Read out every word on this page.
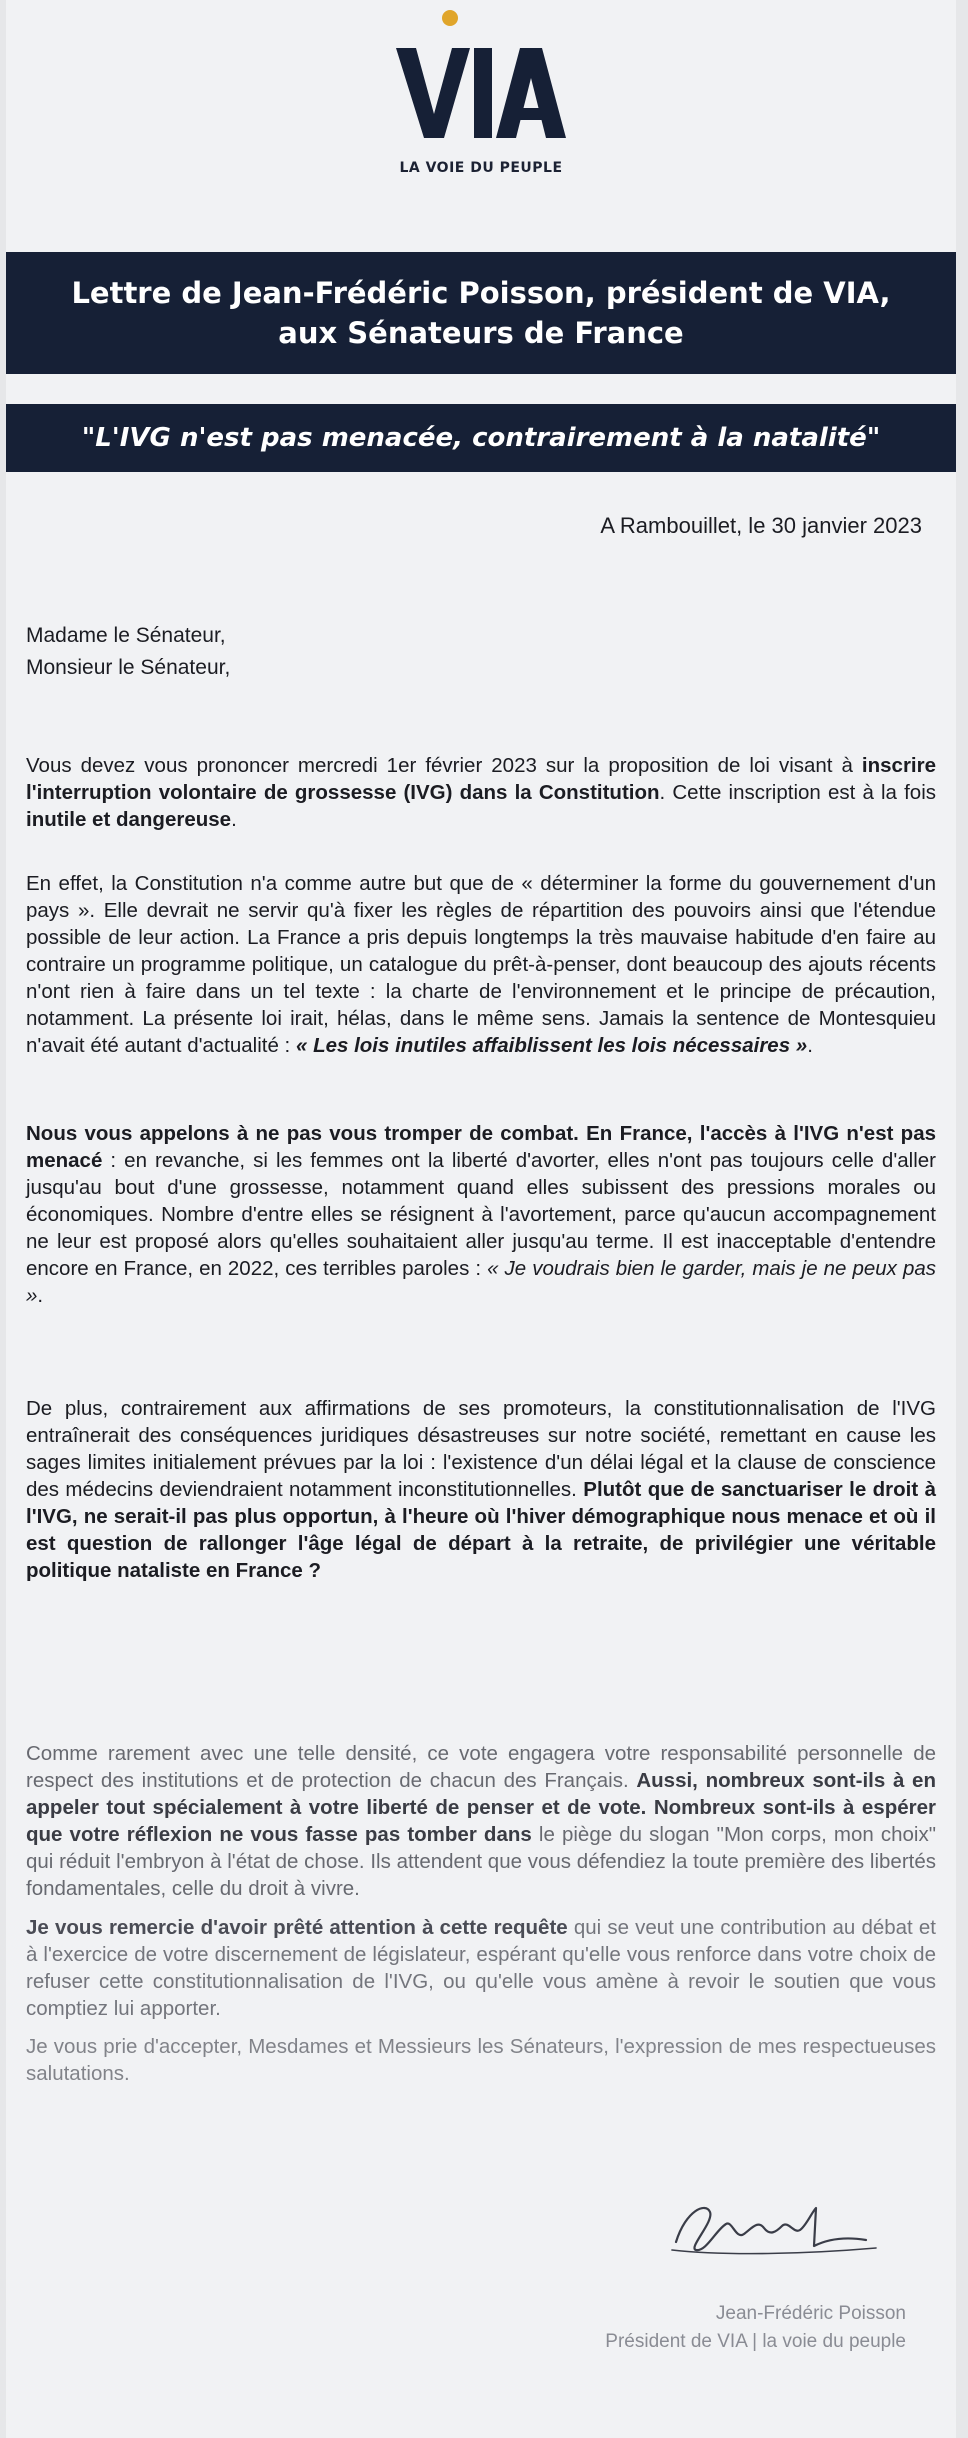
LA VOIE DU PEUPLE
Lettre de Jean-Frédéric Poisson, président de VIA,
aux Sénateurs de France
"L'IVG n'est pas menacée, contrairement à la natalité"
A Rambouillet, le 30 janvier 2023
Madame le Sénateur,
Monsieur le Sénateur,

Vous devez vous prononcer mercredi 1er février 2023 sur la proposition de loi visant à inscrire l'interruption volontaire de grossesse (IVG) dans la Constitution. Cette inscription est à la fois inutile et dangereuse.

En effet, la Constitution n'a comme autre but que de « déterminer la forme du gouvernement d'un pays ». Elle devrait ne servir qu'à fixer les règles de répartition des pouvoirs ainsi que l'étendue possible de leur action. La France a pris depuis longtemps la très mauvaise habitude d'en faire au contraire un programme politique, un catalogue du prêt-à-penser, dont beaucoup des ajouts récents n'ont rien à faire dans un tel texte : la charte de l'environnement et le principe de précaution, notamment. La présente loi irait, hélas, dans le même sens. Jamais la sentence de Montesquieu n'avait été autant d'actualité : « Les lois inutiles affaiblissent les lois nécessaires ».

Nous vous appelons à ne pas vous tromper de combat. En France, l'accès à l'IVG n'est pas menacé : en revanche, si les femmes ont la liberté d'avorter, elles n'ont pas toujours celle d'aller jusqu'au bout d'une grossesse, notamment quand elles subissent des pressions morales ou économiques. Nombre d'entre elles se résignent à l'avortement, parce qu'aucun accompagnement ne leur est proposé alors qu'elles souhaitaient aller jusqu'au terme. Il est inacceptable d'entendre encore en France, en 2022, ces terribles paroles : « Je voudrais bien le garder, mais je ne peux pas ».

De plus, contrairement aux affirmations de ses promoteurs, la constitutionnalisation de l'IVG entraînerait des conséquences juridiques désastreuses sur notre société, remettant en cause les sages limites initialement prévues par la loi : l'existence d'un délai légal et la clause de conscience des médecins deviendraient notamment inconstitutionnelles. Plutôt que de sanctuariser le droit à l'IVG, ne serait-il pas plus opportun, à l'heure où l'hiver démographique nous menace et où il est question de rallonger l'âge légal de départ à la retraite, de privilégier une véritable politique nataliste en France ?

Comme rarement avec une telle densité, ce vote engagera votre responsabilité personnelle de respect des institutions et de protection de chacun des Français. Aussi, nombreux sont-ils à en appeler tout spécialement à votre liberté de penser et de vote. Nombreux sont-ils à espérer que votre réflexion ne vous fasse pas tomber dans le piège du slogan "Mon corps, mon choix" qui réduit l'embryon à l'état de chose. Ils attendent que vous défendiez la toute première des libertés fondamentales, celle du droit à vivre.

Je vous remercie d'avoir prêté attention à cette requête qui se veut une contribution au débat et à l'exercice de votre discernement de législateur, espérant qu'elle vous renforce dans votre choix de refuser cette constitutionnalisation de l'IVG, ou qu'elle vous amène à revoir le soutien que vous comptiez lui apporter.

Je vous prie d'accepter, Mesdames et Messieurs les Sénateurs, l'expression de mes respectueuses salutations.

Jean-Frédéric Poisson
Président de VIA | la voie du peuple
